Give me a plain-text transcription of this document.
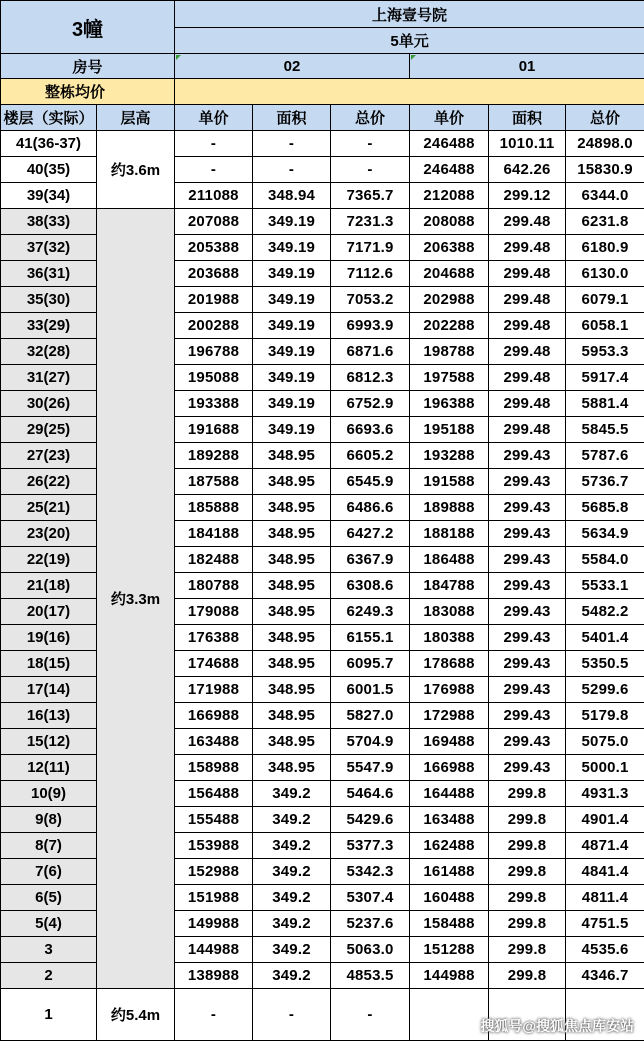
3幢		上海壹号院					
		5单元					
房号		02			01		
整栋均价							
楼层（实际）	层高	单价	面积	总价	单价	面积	总价
41(36-37)	约3.6m	-	-	-	246488	1010.11	24898.0
40(35)		-	-	-	246488	642.26	15830.9
39(34)		211088	348.94	7365.7	212088	299.12	6344.0
38(33)	约3.3m	207088	349.19	7231.3	208088	299.48	6231.8
37(32)		205388	349.19	7171.9	206388	299.48	6180.9
36(31)		203688	349.19	7112.6	204688	299.48	6130.0
35(30)		201988	349.19	7053.2	202988	299.48	6079.1
33(29)		200288	349.19	6993.9	202288	299.48	6058.1
32(28)		196788	349.19	6871.6	198788	299.48	5953.3
31(27)		195088	349.19	6812.3	197588	299.48	5917.4
30(26)		193388	349.19	6752.9	196388	299.48	5881.4
29(25)		191688	349.19	6693.6	195188	299.48	5845.5
27(23)		189288	348.95	6605.2	193288	299.43	5787.6
26(22)		187588	348.95	6545.9	191588	299.43	5736.7
25(21)		185888	348.95	6486.6	189888	299.43	5685.8
23(20)		184188	348.95	6427.2	188188	299.43	5634.9
22(19)		182488	348.95	6367.9	186488	299.43	5584.0
21(18)		180788	348.95	6308.6	184788	299.43	5533.1
20(17)		179088	348.95	6249.3	183088	299.43	5482.2
19(16)		176388	348.95	6155.1	180388	299.43	5401.4
18(15)		174688	348.95	6095.7	178688	299.43	5350.5
17(14)		171988	348.95	6001.5	176988	299.43	5299.6
16(13)		166988	348.95	5827.0	172988	299.43	5179.8
15(12)		163488	348.95	5704.9	169488	299.43	5075.0
12(11)		158988	348.95	5547.9	166988	299.43	5000.1
10(9)		156488	349.2	5464.6	164488	299.8	4931.3
9(8)		155488	349.2	5429.6	163488	299.8	4901.4
8(7)		153988	349.2	5377.3	162488	299.8	4871.4
7(6)		152988	349.2	5342.3	161488	299.8	4841.4
6(5)		151988	349.2	5307.4	160488	299.8	4811.4
5(4)		149988	349.2	5237.6	158488	299.8	4751.5
3		144988	349.2	5063.0	151288	299.8	4535.6
2		138988	349.2	4853.5	144988	299.8	4346.7
1	约5.4m	-	-	-			
搜狐号@搜狐焦点库安站
